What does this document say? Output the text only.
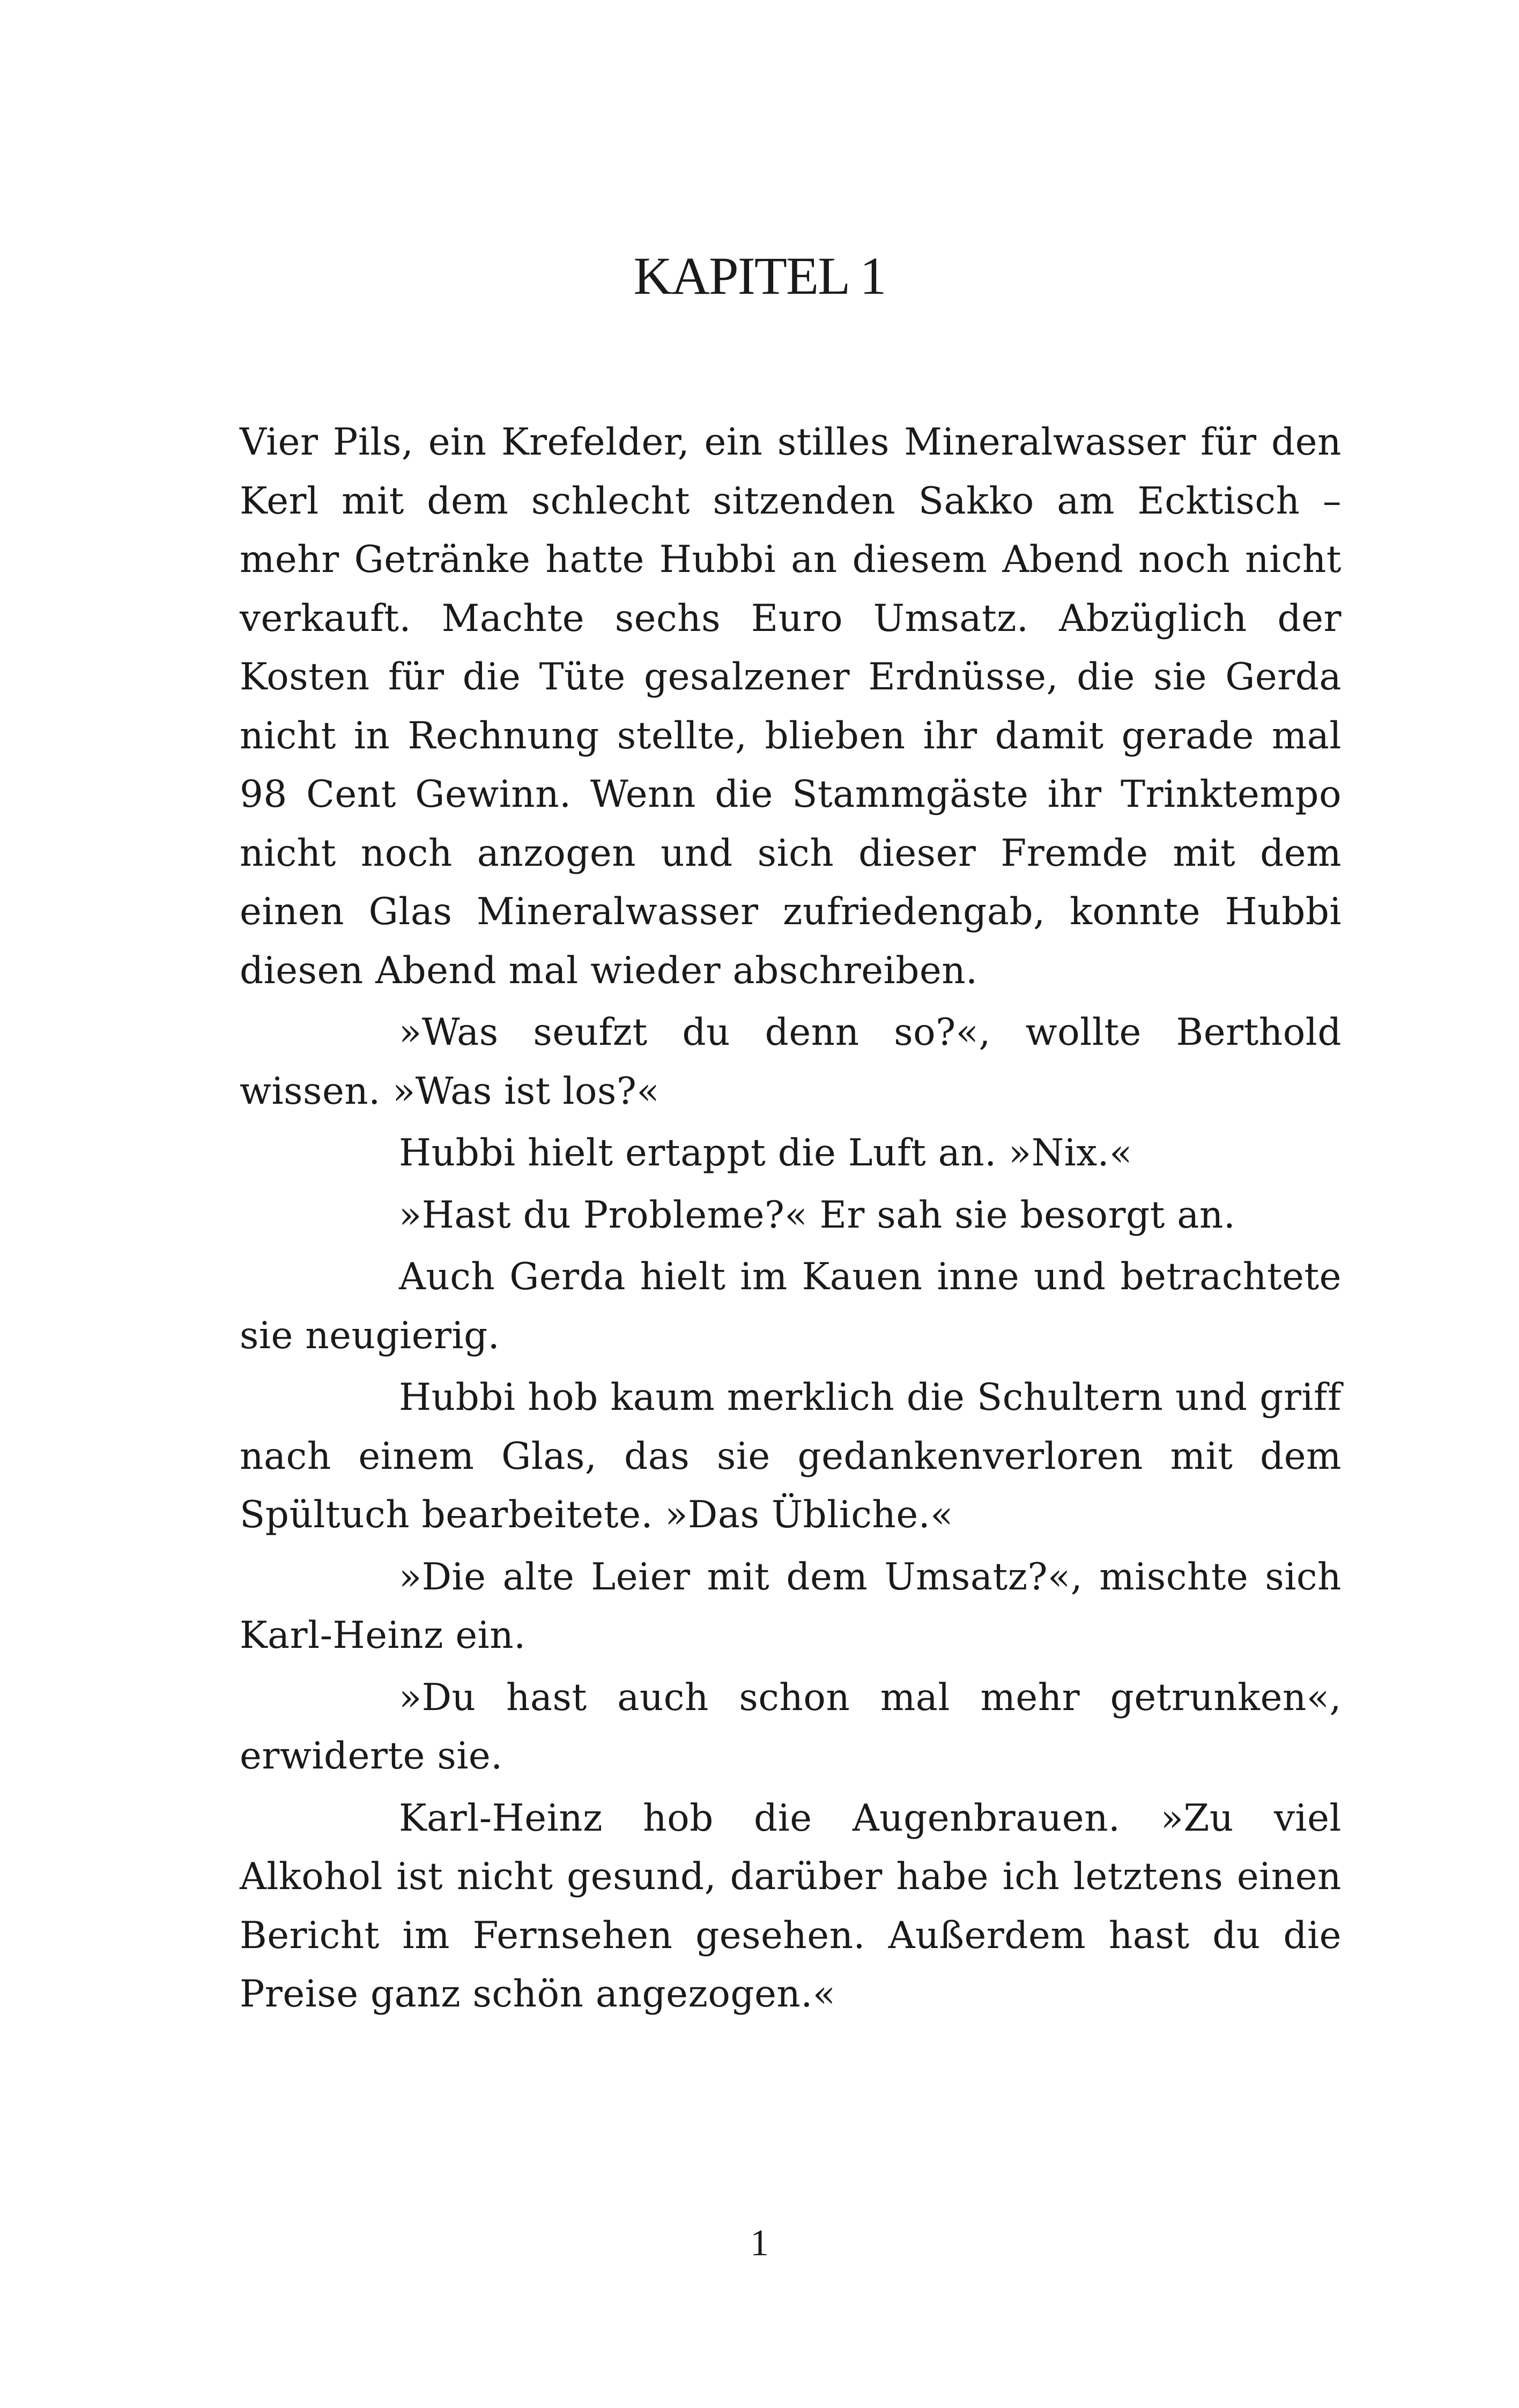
KAPITEL 1

Vier Pils, ein Krefelder, ein stilles Mineralwasser für den Kerl mit dem schlecht sitzenden Sakko am Ecktisch – mehr Getränke hatte Hubbi an diesem Abend noch nicht verkauft. Machte sechs Euro Umsatz. Abzüglich der Kosten für die Tüte gesalzener Erdnüsse, die sie Gerda nicht in Rechnung stellte, blieben ihr damit gerade mal 98 Cent Gewinn. Wenn die Stammgäste ihr Trinktempo nicht noch anzogen und sich dieser Fremde mit dem einen Glas Mineralwasser zufriedengab, konnte Hubbi diesen Abend mal wieder abschreiben.

»Was seufzt du denn so?«, wollte Berthold wissen. »Was ist los?«

Hubbi hielt ertappt die Luft an. »Nix.«

»Hast du Probleme?« Er sah sie besorgt an.

Auch Gerda hielt im Kauen inne und betrachtete sie neugierig.

Hubbi hob kaum merklich die Schultern und griff nach einem Glas, das sie gedankenverloren mit dem Spültuch bearbeitete. »Das Übliche.«

»Die alte Leier mit dem Umsatz?«, mischte sich Karl-Heinz ein.

»Du hast auch schon mal mehr getrunken«, erwiderte sie.

Karl-Heinz hob die Augenbrauen. »Zu viel Alkohol ist nicht gesund, darüber habe ich letztens einen Bericht im Fernsehen gesehen. Außerdem hast du die Preise ganz schön angezogen.«

1
